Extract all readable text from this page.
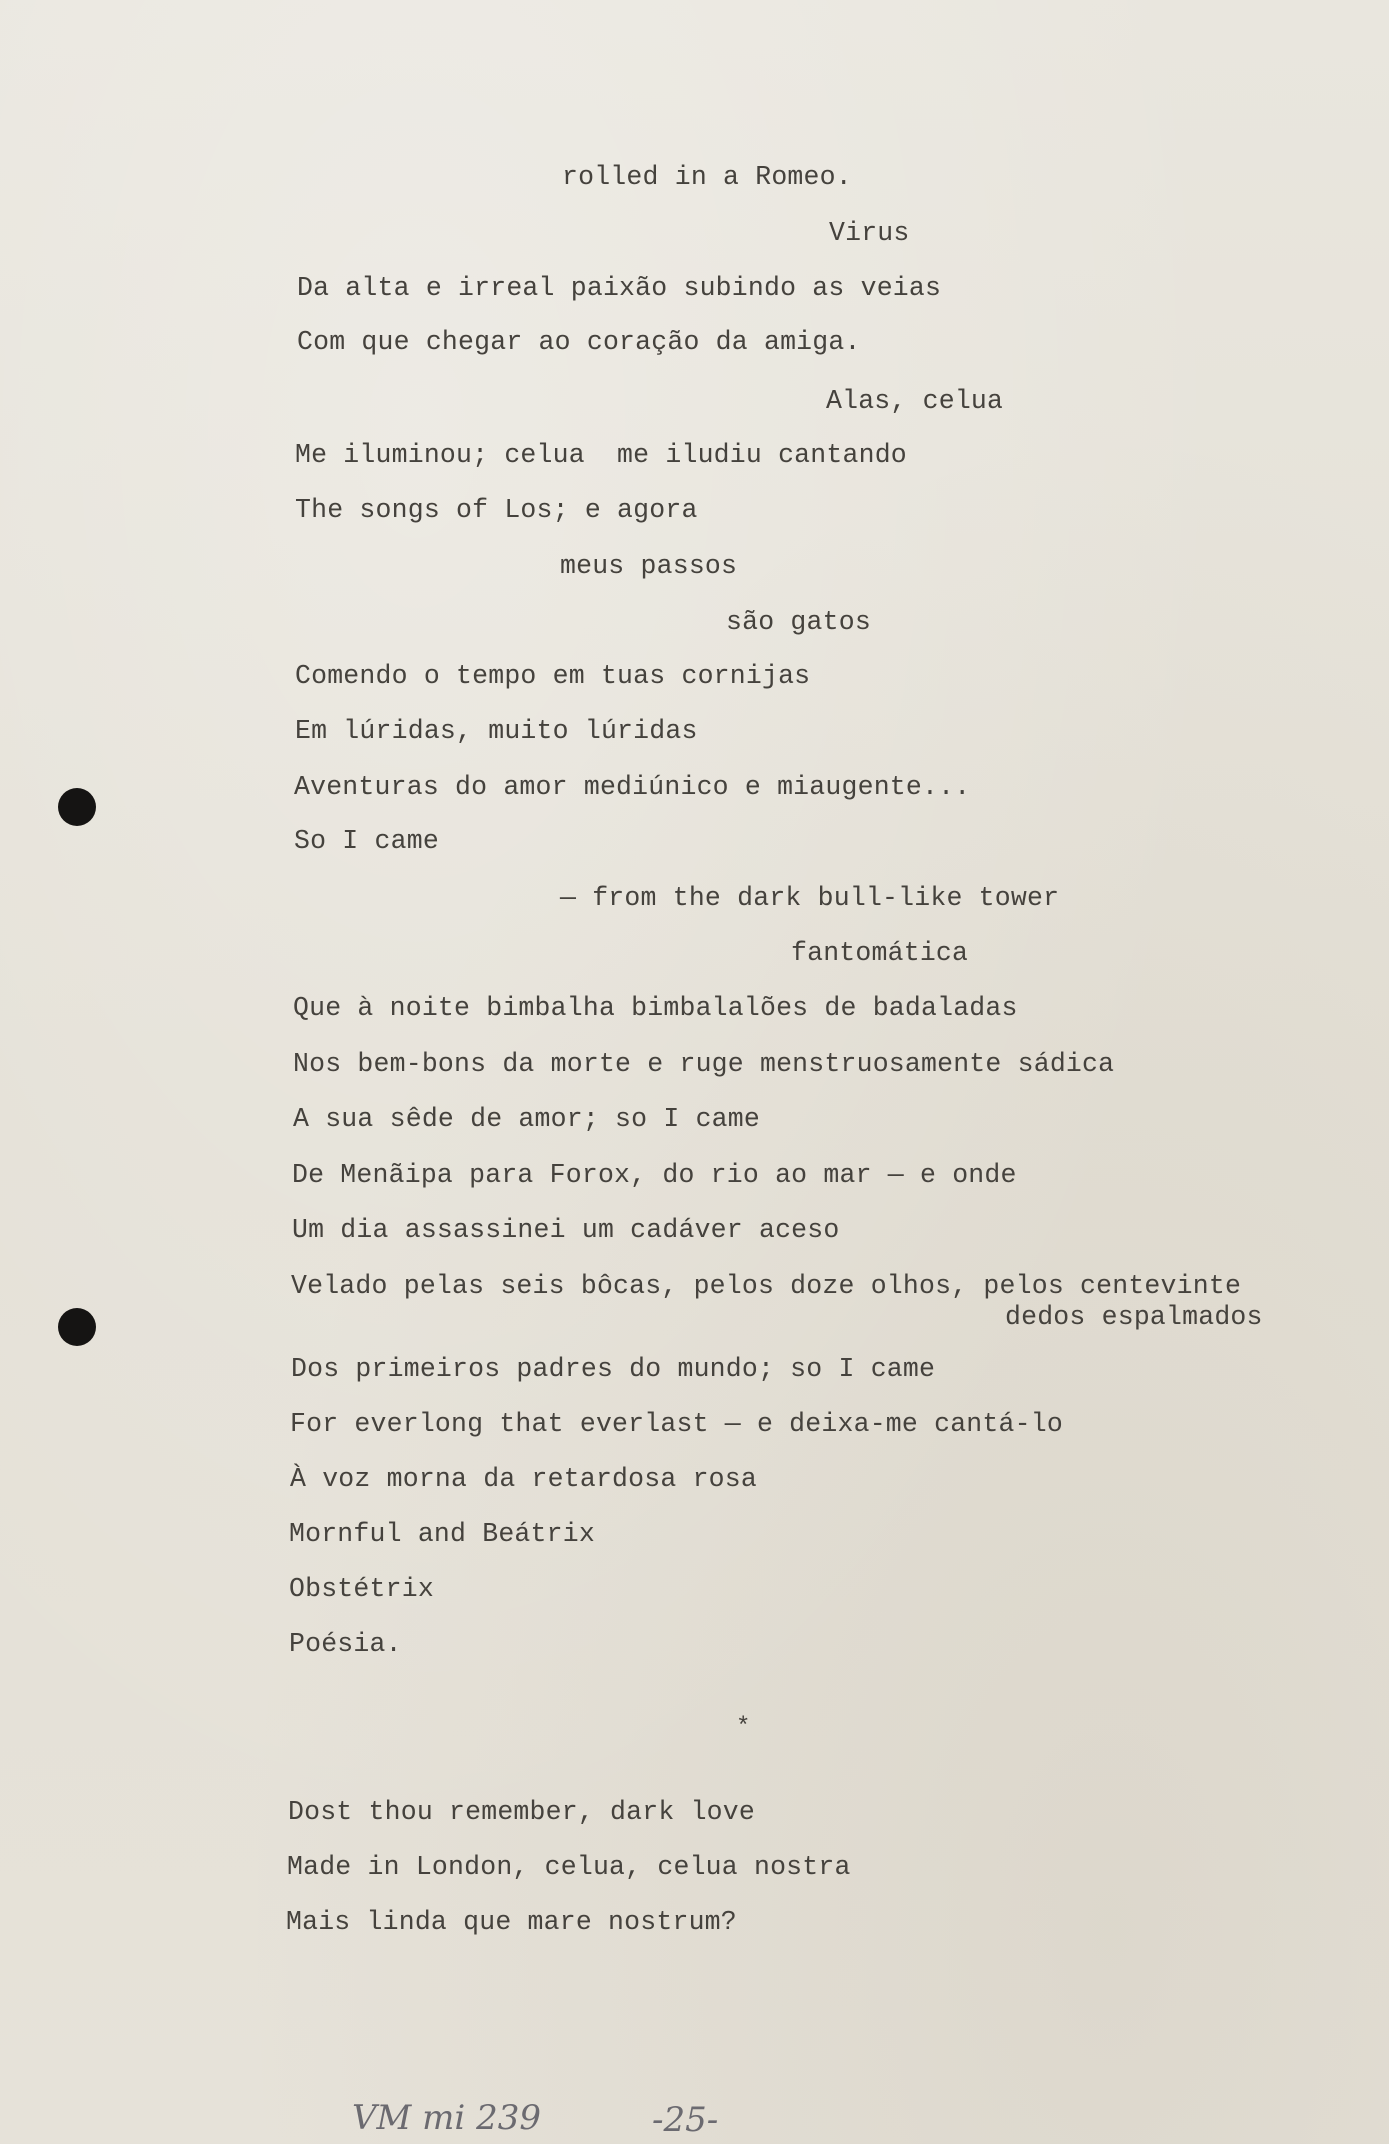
rolled in a Romeo.
Virus
Da alta e irreal paixão subindo as veias
Com que chegar ao coração da amiga.
Alas, celua
Me iluminou; celua  me iludiu cantando
The songs of Los; e agora
meus passos
são gatos
Comendo o tempo em tuas cornijas
Em lúridas, muito lúridas
Aventuras do amor mediúnico e miaugente...
So I came
— from the dark bull-like tower
fantomática
Que à noite bimbalha bimbalalões de badaladas
Nos bem-bons da morte e ruge menstruosamente sádica
A sua sêde de amor; so I came
De Menãipa para Forox, do rio ao mar — e onde
Um dia assassinei um cadáver aceso
Velado pelas seis bôcas, pelos doze olhos, pelos centevinte
dedos espalmados
Dos primeiros padres do mundo; so I came
For everlong that everlast — e deixa-me cantá-lo
À voz morna da retardosa rosa
Mornful and Beátrix
Obstétrix
Poésia.
*
Dost thou remember, dark love
Made in London, celua, celua nostra
Mais linda que mare nostrum?
VM mi 239	-25-
